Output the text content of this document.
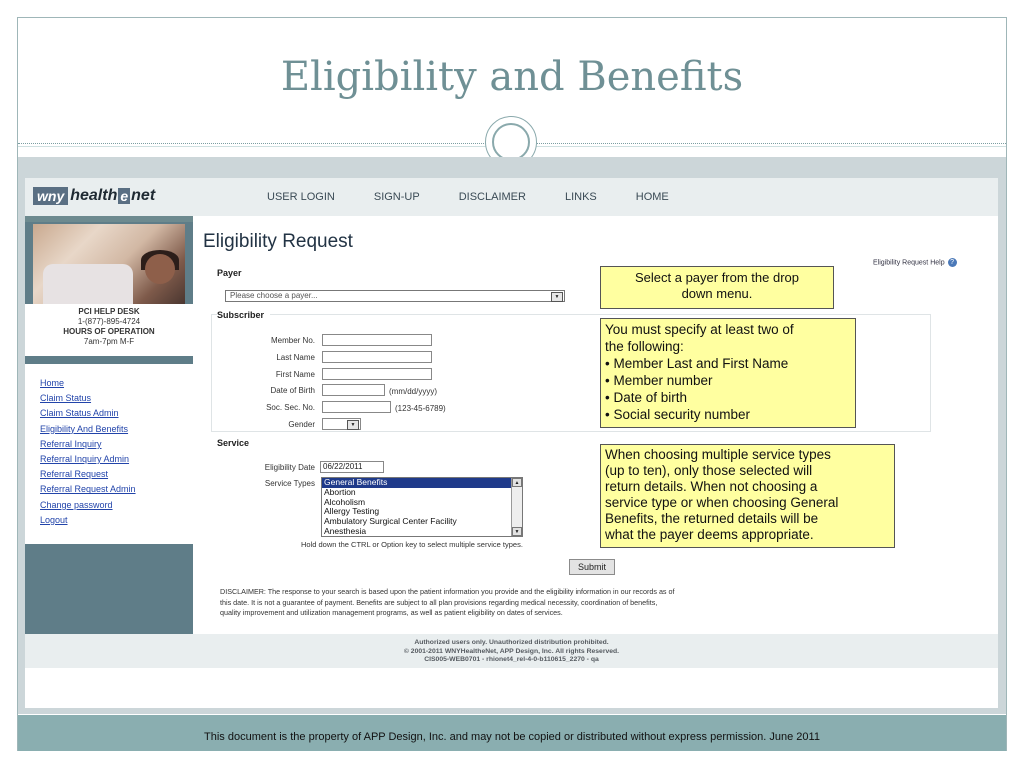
Eligibility and Benefits
wny health e net	USER LOGIN	SIGN-UP	DISCLAIMER	LINKS	HOME
PCI HELP DESK
1-(877)-895-4724
HOURS OF OPERATION
7am-7pm M-F
Home
Claim Status
Claim Status Admin
Eligibility And Benefits
Referral Inquiry
Referral Inquiry Admin
Referral Request
Referral Request Admin
Change password
Logout
Eligibility Request
Eligibility Request Help ?
Payer
Please choose a payer...	▼
Subscriber
Member No.
Last Name
First Name
Date of Birth	(mm/dd/yyyy)
Soc. Sec. No.	(123-45-6789)
Gender	▼
Service
Eligibility Date	06/22/2011
Service Types General Benefits
Abortion
Alcoholism
Allergy Testing
Ambulatory Surgical Center Facility
Anesthesia
▲
▼
Hold down the CTRL or Option key to select multiple service types.
Submit
DISCLAIMER: The response to your search is based upon the patient information you provide and the eligibility information in our records as of
this date. It is not a guarantee of payment. Benefits are subject to all plan provisions regarding medical necessity, coordination of benefits,
quality improvement and utilization management programs, as well as patient eligibility on dates of services.
Authorized users only. Unauthorized distribution prohibited.
© 2001-2011 WNYHealtheNet, APP Design, Inc. All rights Reserved.
CIS005-WEB0701 - rhionet4_rel-4-0-b110615_2270 - qa
Select a payer from the drop
down menu.
You must specify at least two of
the following:
• Member Last and First Name
• Member number
• Date of birth
• Social security number
When choosing multiple service types
(up to ten), only those selected will
return details. When not choosing a
service type or when choosing General
Benefits, the returned details will be
what the payer deems appropriate.
This document is the property of APP Design, Inc. and may not be copied or distributed without express permission. June 2011
